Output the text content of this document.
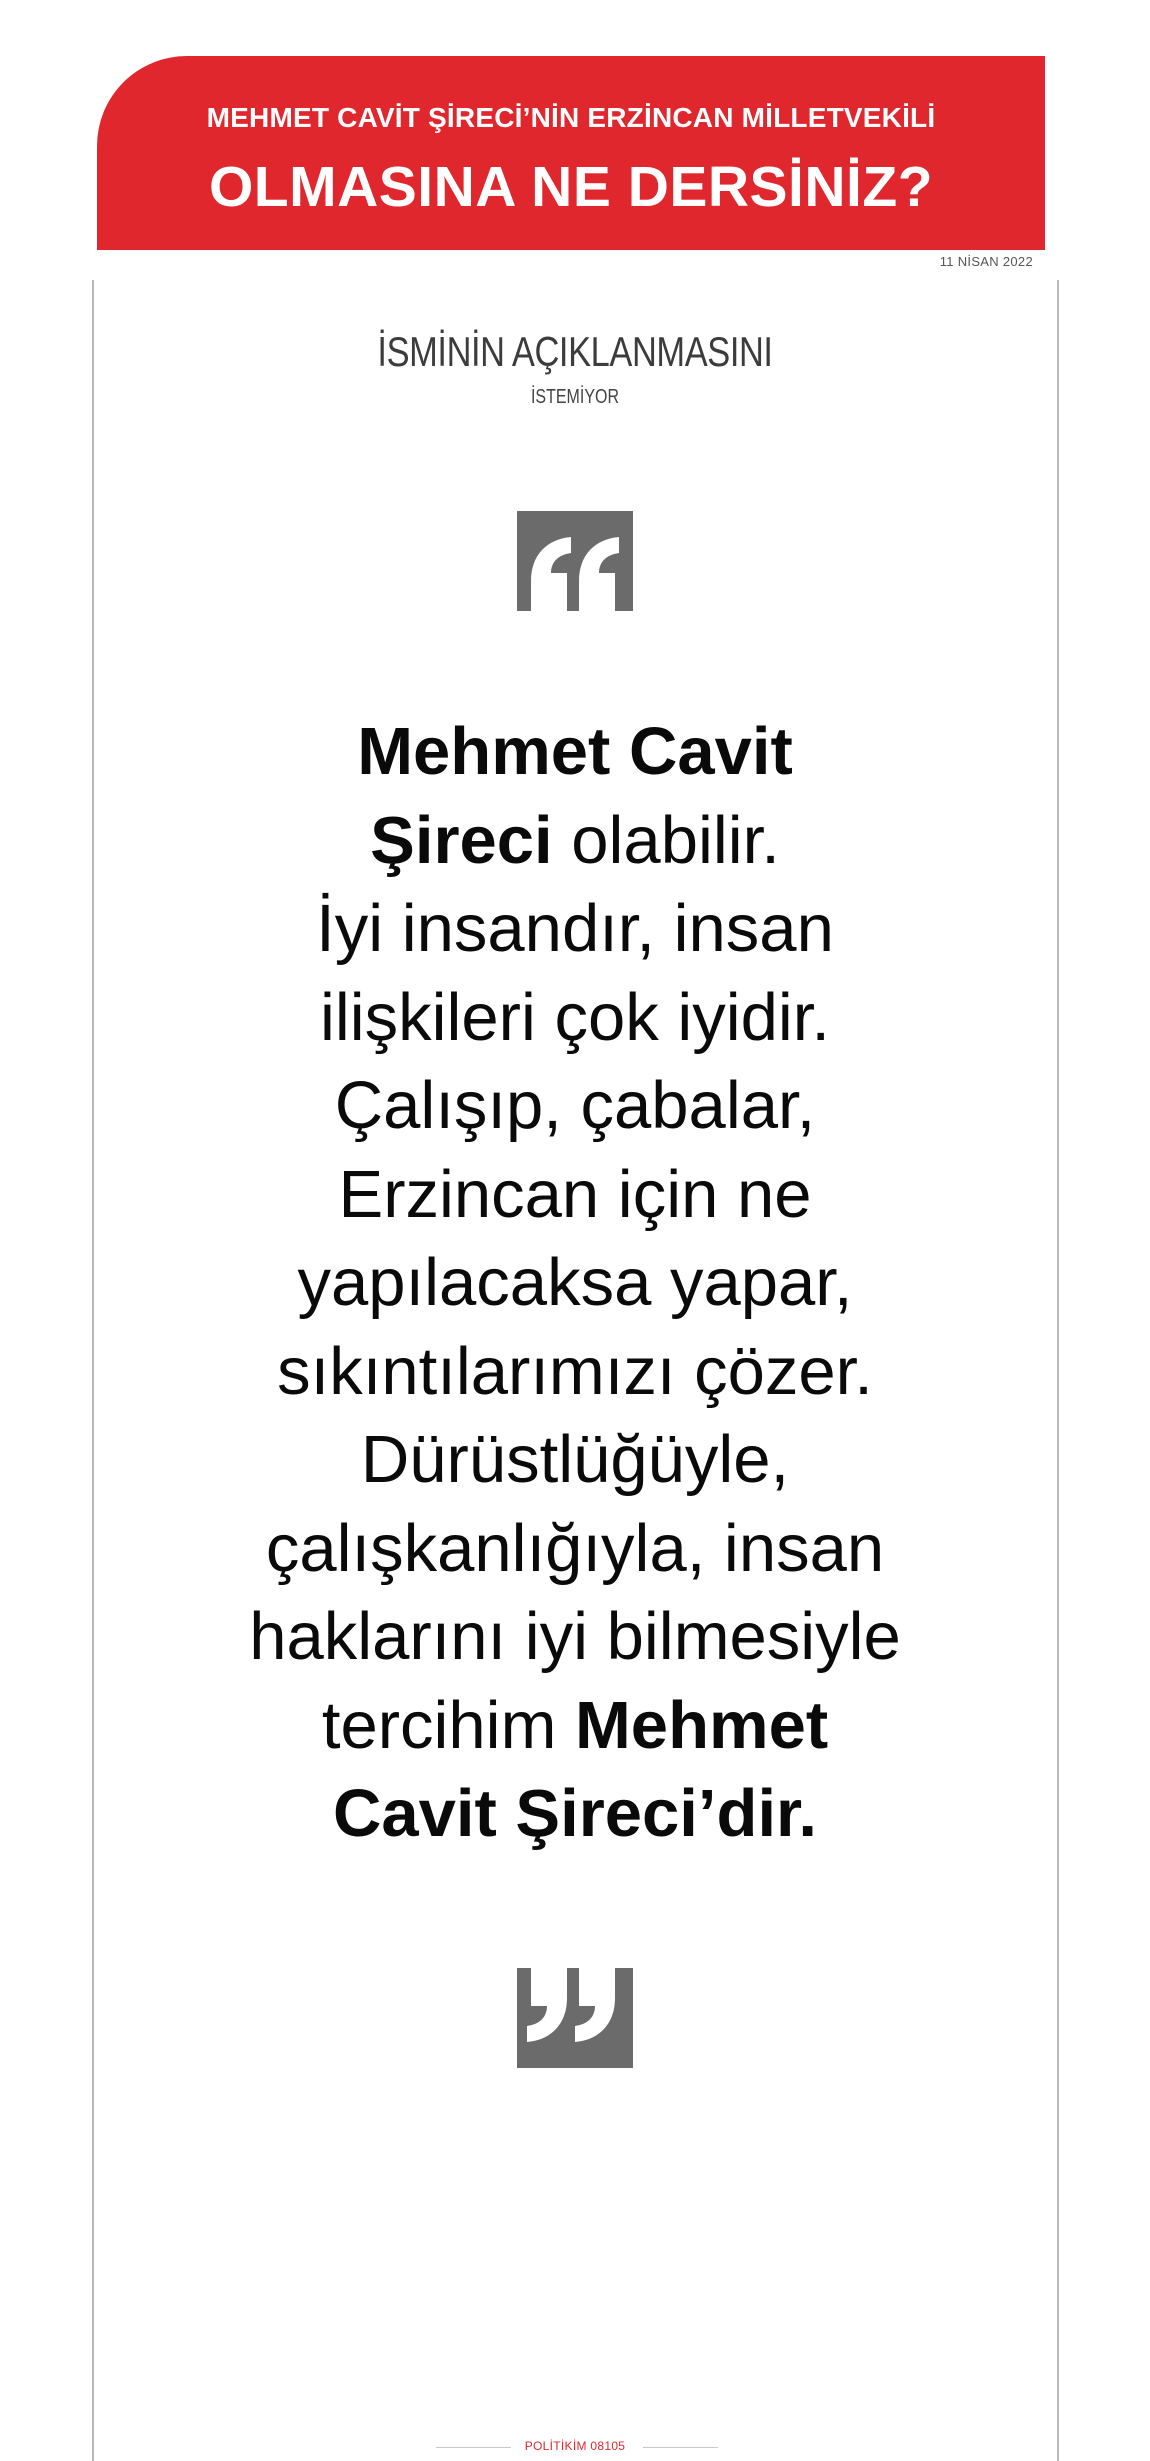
MEHMET CAVİT ŞİRECİ’NİN ERZİNCAN MİLLETVEKİLİ
OLMASINA NE DERSİNİZ?
11 NİSAN 2022
İSMİNİN AÇIKLANMASINI
İSTEMİYOR
Mehmet Cavit
Şireci olabilir.
İyi insandır, insan
ilişkileri çok iyidir.
Çalışıp, çabalar,
Erzincan için ne
yapılacaksa yapar,
sıkıntılarımızı çözer.
Dürüstlüğüyle,
çalışkanlığıyla, insan
haklarını iyi bilmesiyle
tercihim Mehmet
Cavit Şireci’dir.
POLİTİKİM 08105
